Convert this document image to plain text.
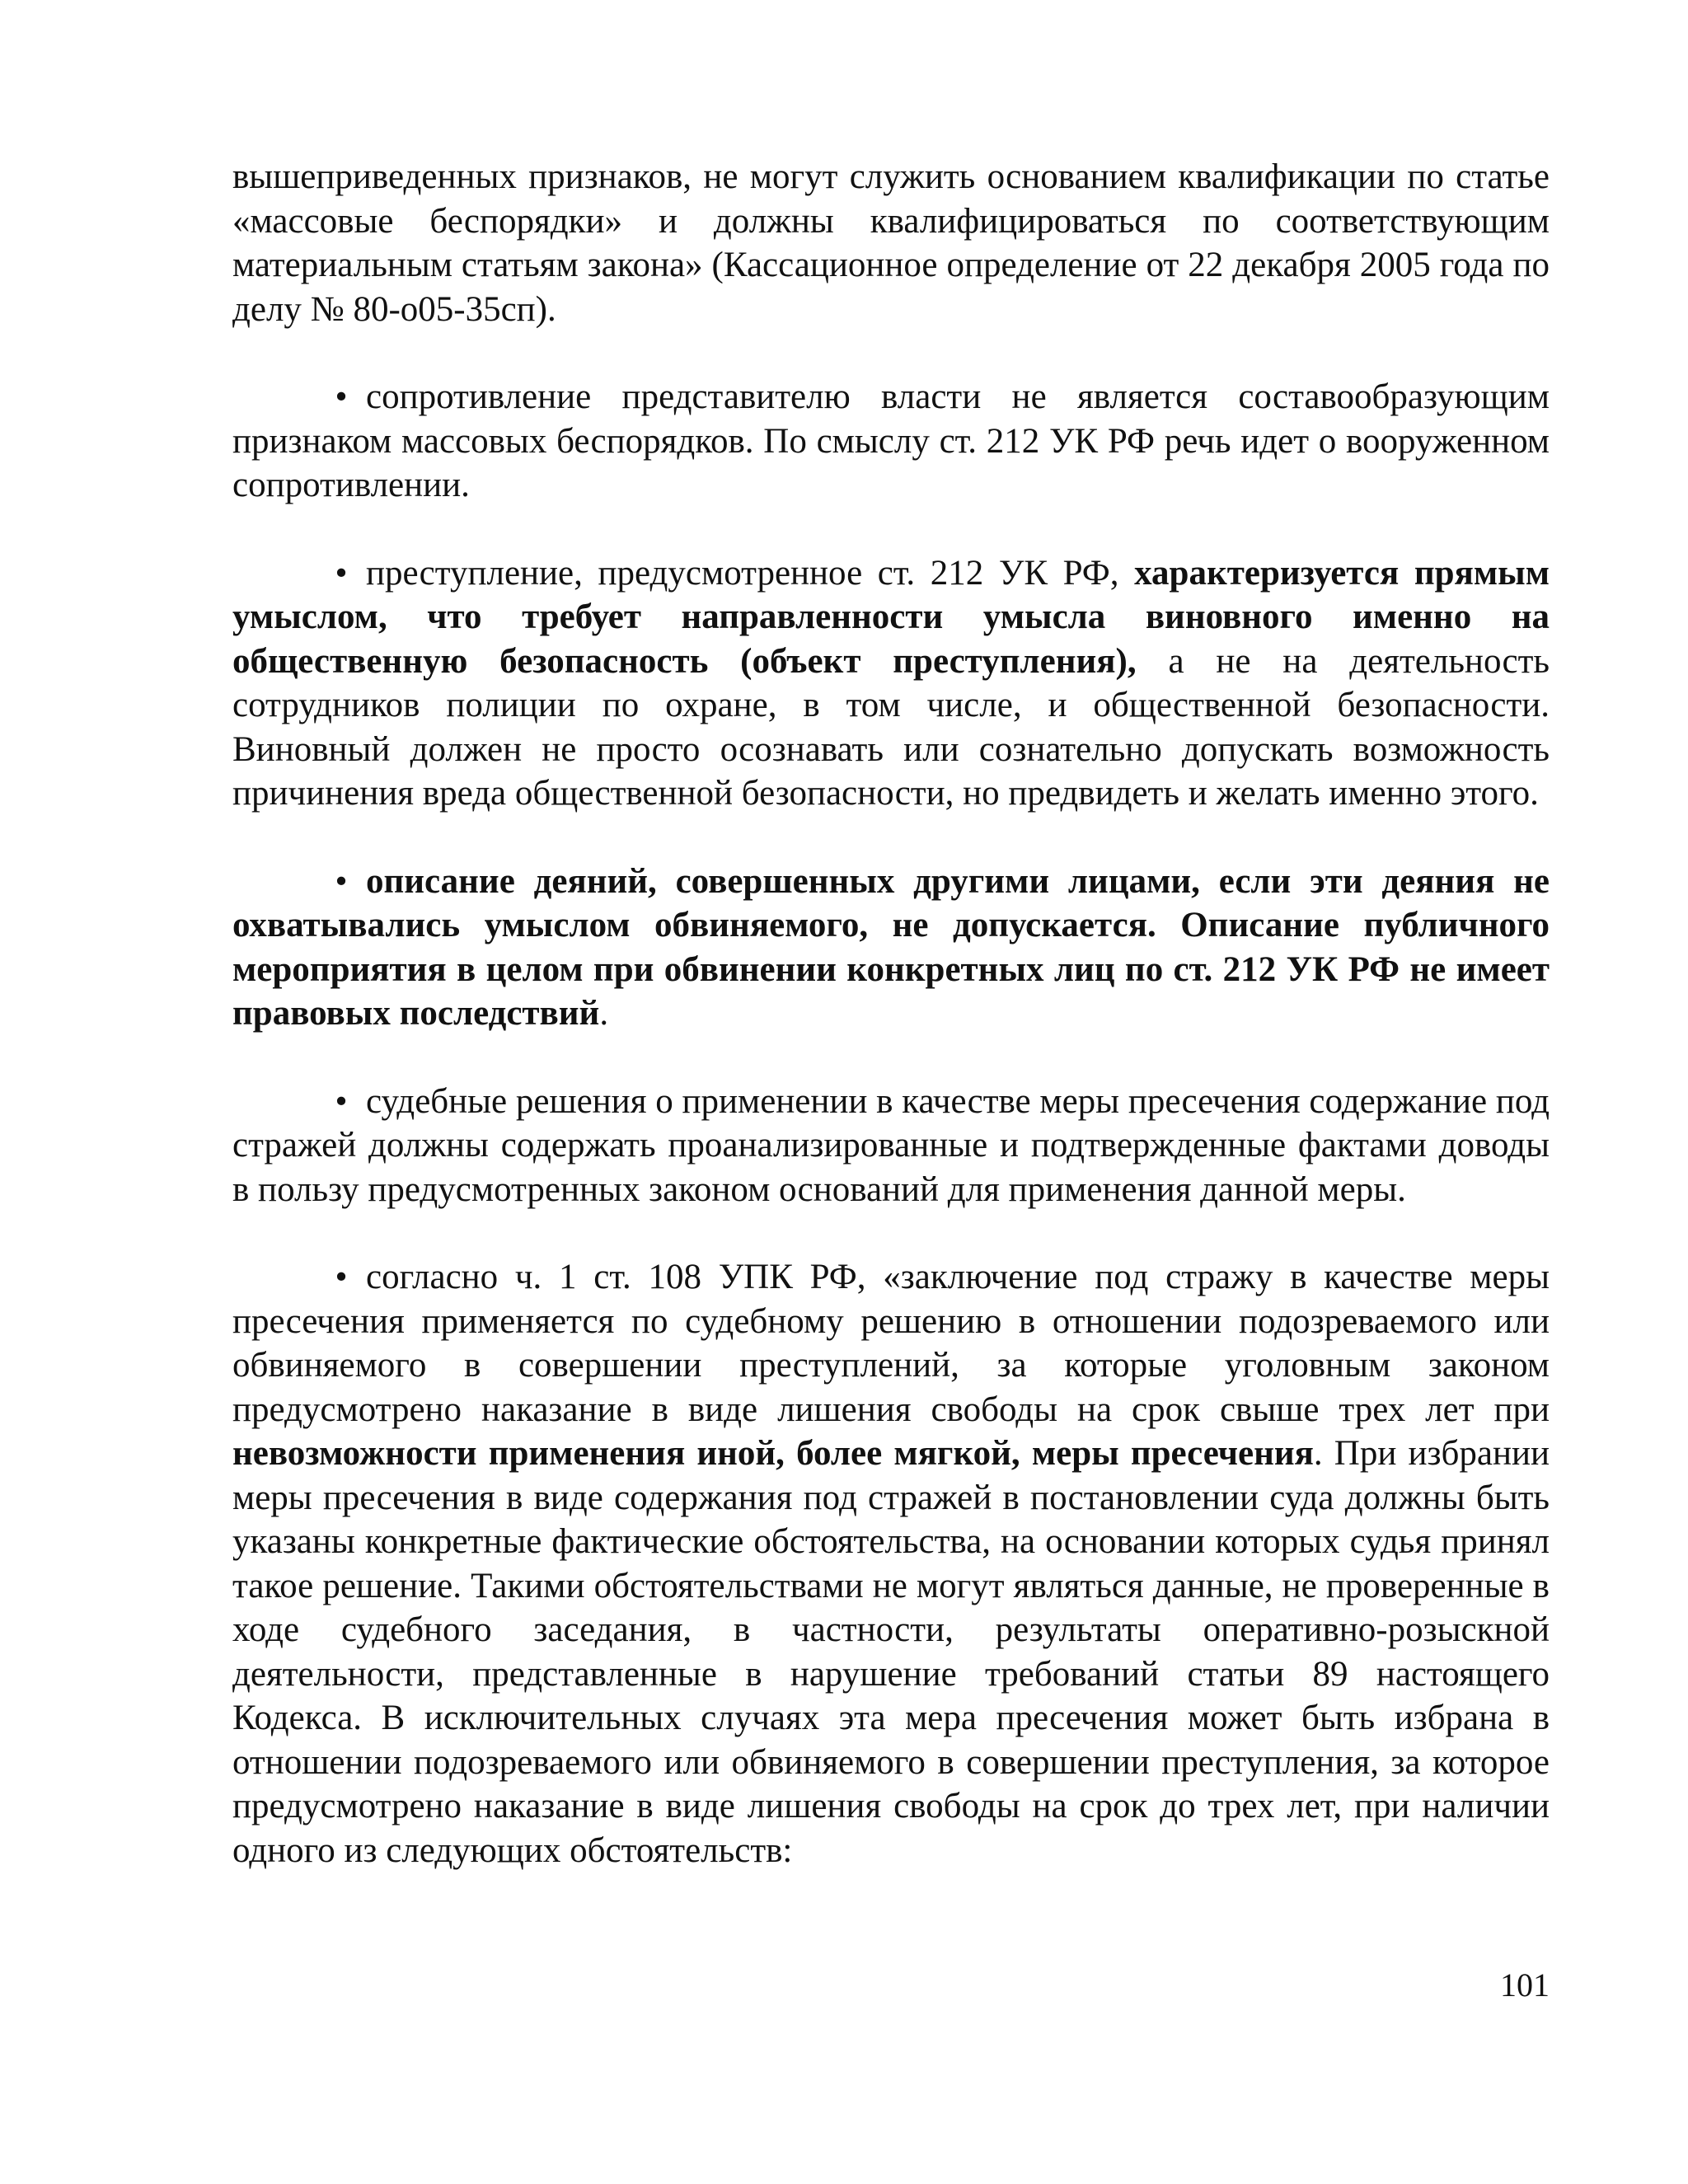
вышеприведенных признаков, не могут служить основанием квалификации по статье «массовые беспорядки» и должны квалифицироваться по соответствующим материальным статьям закона» (Кассационное определение от 22 декабря 2005 года по делу № 80-о05-35сп).

• сопротивление представителю власти не является составообразующим признаком массовых беспорядков. По смыслу ст. 212 УК РФ речь идет о вооруженном сопротивлении.

• преступление, предусмотренное ст. 212 УК РФ, характеризуется прямым умыслом, что требует направленности умысла виновного именно на общественную безопасность (объект преступления), а не на деятельность сотрудников полиции по охране, в том числе, и общественной безопасности. Виновный должен не просто осознавать или сознательно допускать возможность причинения вреда общественной безопасности, но предвидеть и желать именно этого.

• описание деяний, совершенных другими лицами, если эти деяния не охватывались умыслом обвиняемого, не допускается. Описание публичного мероприятия в целом при обвинении конкретных лиц по ст. 212 УК РФ не имеет правовых последствий.

• судебные решения о применении в качестве меры пресечения содержание под стражей должны содержать проанализированные и подтвержденные фактами доводы в пользу предусмотренных законом оснований для применения данной меры.

• согласно ч. 1 ст. 108 УПК РФ, «заключение под стражу в качестве меры пресечения применяется по судебному решению в отношении подозреваемого или обвиняемого в совершении преступлений, за которые уголовным законом предусмотрено наказание в виде лишения свободы на срок свыше трех лет при невозможности применения иной, более мягкой, меры пресечения. При избрании меры пресечения в виде содержания под стражей в постановлении суда должны быть указаны конкретные фактические обстоятельства, на основании которых судья принял такое решение. Такими обстоятельствами не могут являться данные, не проверенные в ходе судебного заседания, в частности, результаты оперативно-розыскной деятельности, представленные в нарушение требований статьи 89 настоящего Кодекса. В исключительных случаях эта мера пресечения может быть избрана в отношении подозреваемого или обвиняемого в совершении преступления, за которое предусмотрено наказание в виде лишения свободы на срок до трех лет, при наличии одного из следующих обстоятельств:

101
